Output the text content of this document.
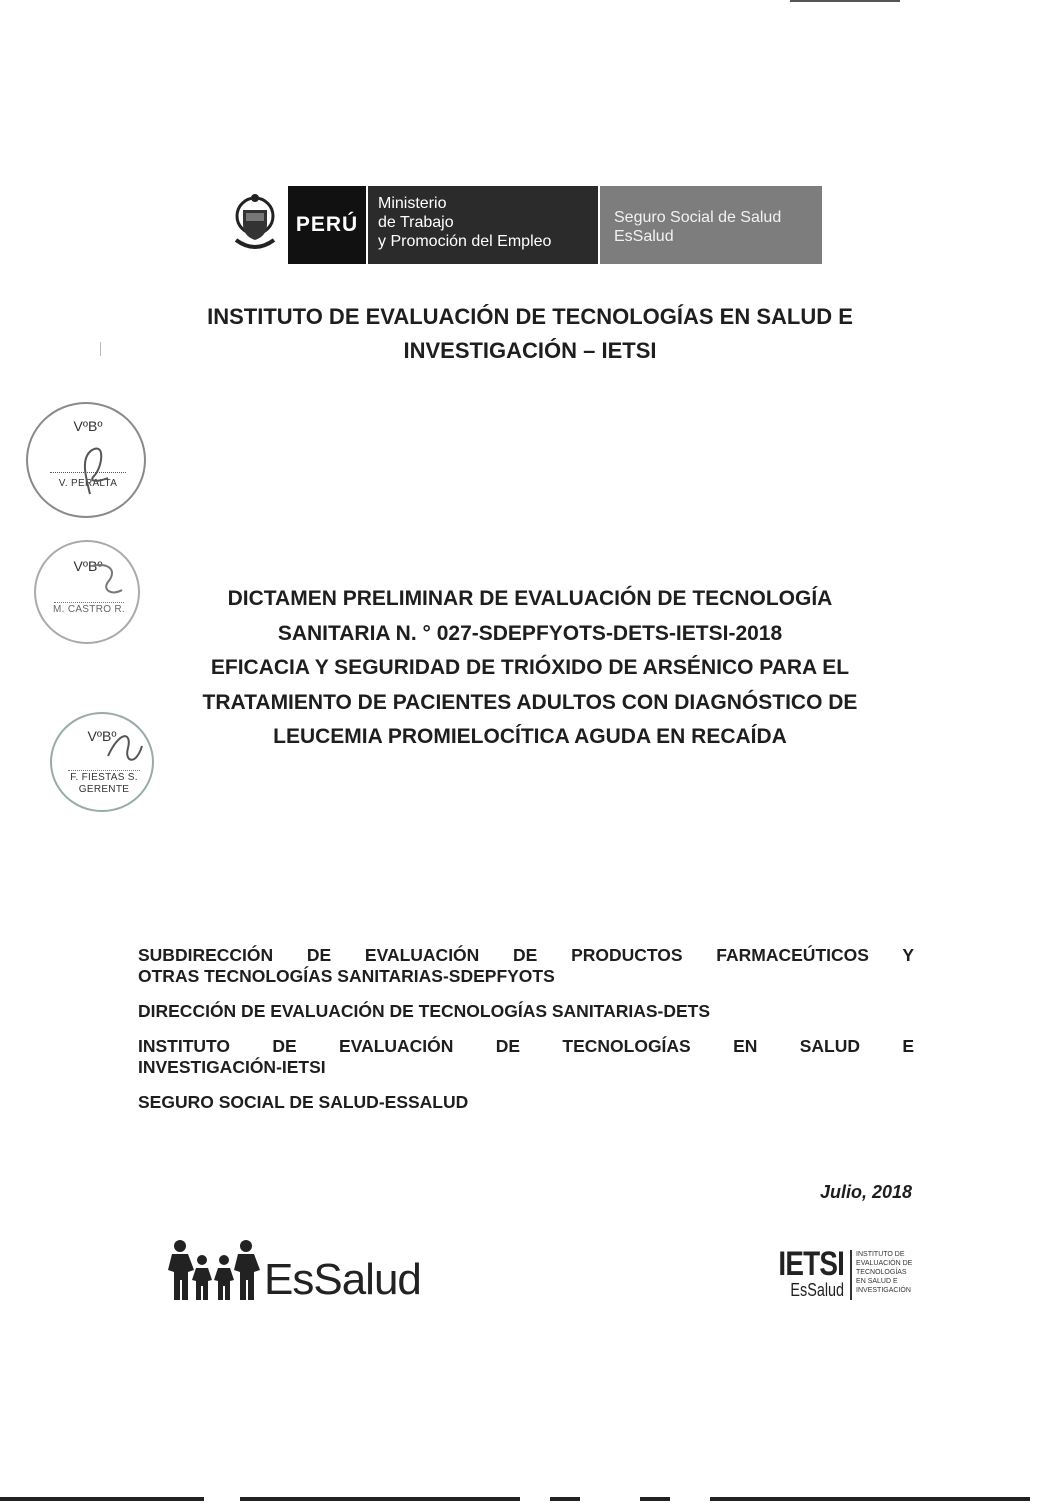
PERÚ
Ministerio
de Trabajo
y Promoción del Empleo
Seguro Social de Salud
EsSalud
INSTITUTO DE EVALUACIÓN DE TECNOLOGÍAS EN SALUD E
INVESTIGACIÓN – IETSI
VºBº
V. PERALTA
VºBº
M. CASTRO R.
VºBº
F. FIESTAS S.
GERENTE
DICTAMEN PRELIMINAR DE EVALUACIÓN DE TECNOLOGÍA
SANITARIA N. ° 027-SDEPFYOTS-DETS-IETSI-2018
EFICACIA Y SEGURIDAD DE TRIÓXIDO DE ARSÉNICO PARA EL
TRATAMIENTO DE PACIENTES ADULTOS CON DIAGNÓSTICO DE
LEUCEMIA PROMIELOCÍTICA AGUDA EN RECAÍDA
SUBDIRECCIÓN DE EVALUACIÓN DE PRODUCTOS FARMACEÚTICOS Y
OTRAS TECNOLOGÍAS SANITARIAS-SDEPFYOTS
DIRECCIÓN DE EVALUACIÓN DE TECNOLOGÍAS SANITARIAS-DETS
INSTITUTO DE EVALUACIÓN DE TECNOLOGÍAS EN SALUD E
INVESTIGACIÓN-IETSI
SEGURO SOCIAL DE SALUD-ESSALUD
Julio, 2018
EsSalud	IETSI
EsSalud
INSTITUTO DE EVALUACIÓN DE TECNOLOGÍAS EN SALUD E INVESTIGACIÓN
